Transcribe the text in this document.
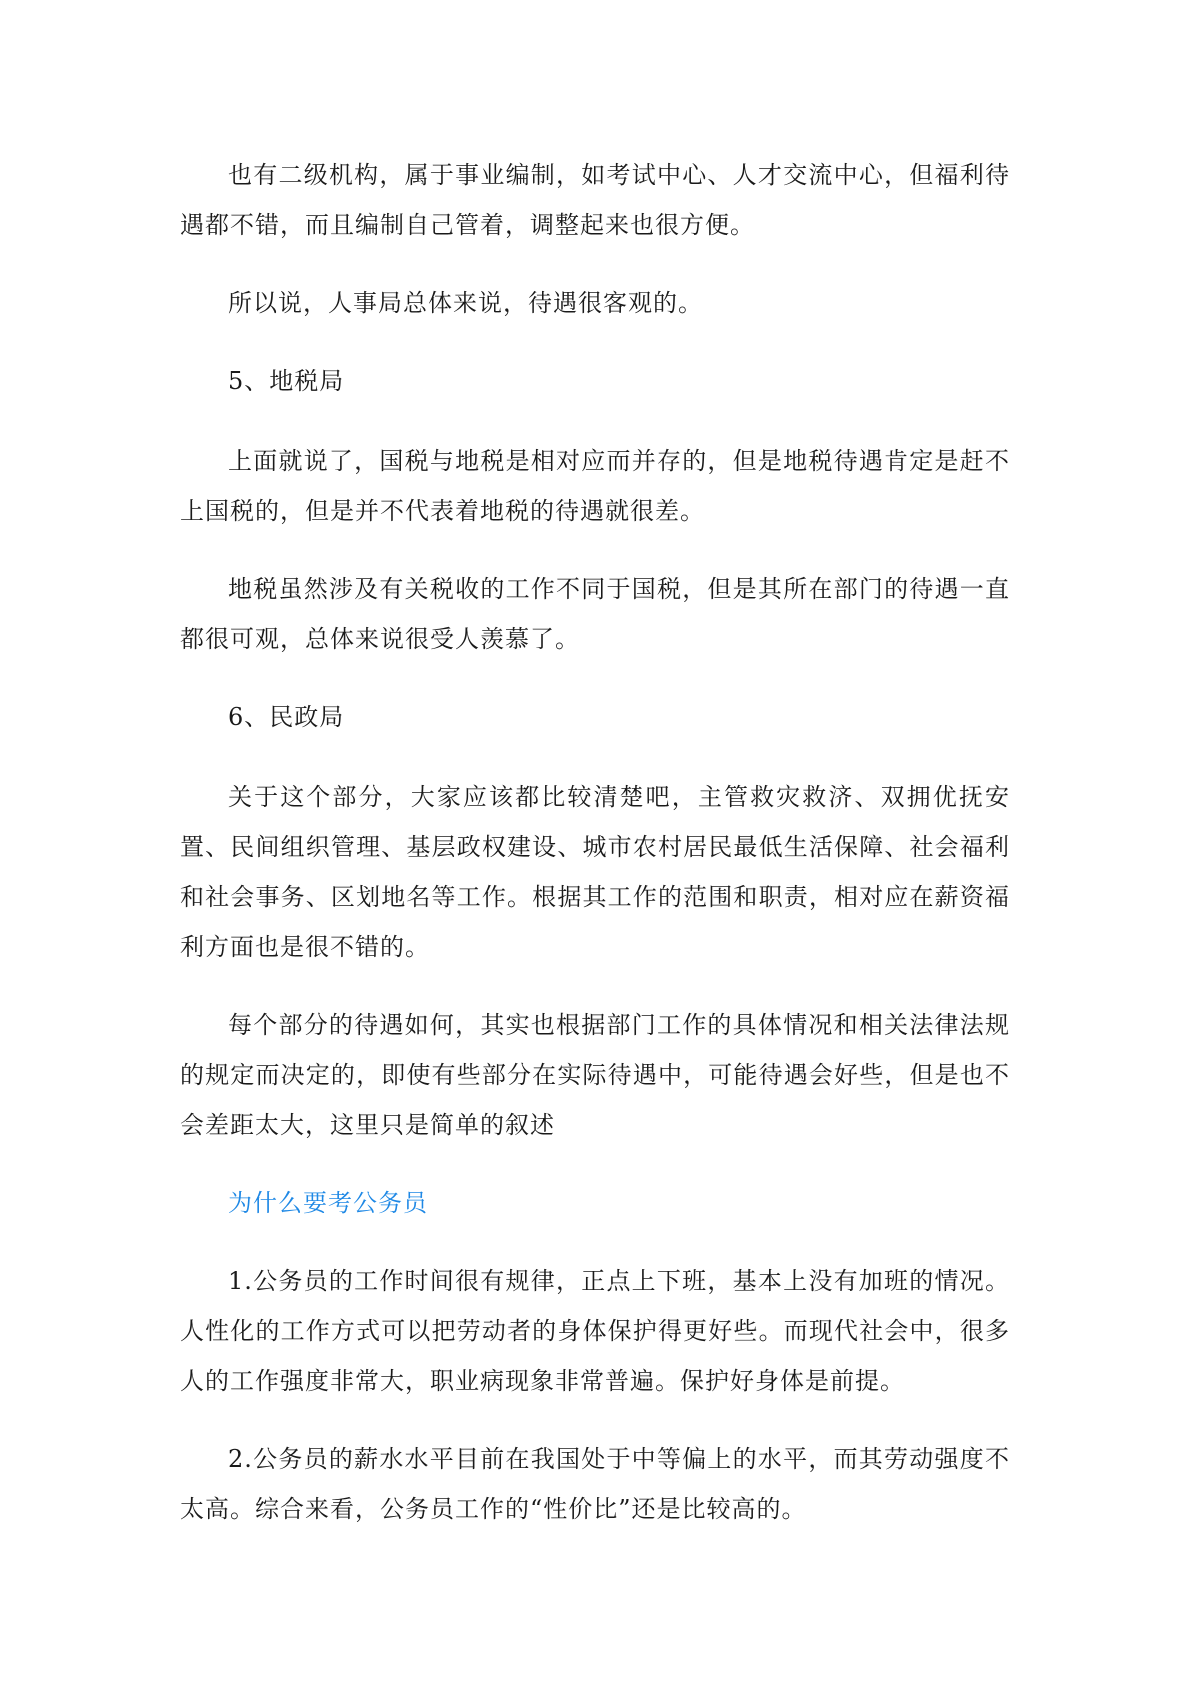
也有二级机构，属于事业编制，如考试中心、人才交流中心，但福利待遇都不错，而且编制自己管着，调整起来也很方便。

所以说，人事局总体来说，待遇很客观的。

5、地税局

上面就说了，国税与地税是相对应而并存的，但是地税待遇肯定是赶不上国税的，但是并不代表着地税的待遇就很差。

地税虽然涉及有关税收的工作不同于国税，但是其所在部门的待遇一直都很可观，总体来说很受人羡慕了。

6、民政局

关于这个部分，大家应该都比较清楚吧，主管救灾救济、双拥优抚安置、民间组织管理、基层政权建设、城市农村居民最低生活保障、社会福利和社会事务、区划地名等工作。根据其工作的范围和职责，相对应在薪资福利方面也是很不错的。

每个部分的待遇如何，其实也根据部门工作的具体情况和相关法律法规的规定而决定的，即使有些部分在实际待遇中，可能待遇会好些，但是也不会差距太大，这里只是简单的叙述

为什么要考公务员

1.公务员的工作时间很有规律，正点上下班，基本上没有加班的情况。人性化的工作方式可以把劳动者的身体保护得更好些。而现代社会中，很多人的工作强度非常大，职业病现象非常普遍。保护好身体是前提。

2.公务员的薪水水平目前在我国处于中等偏上的水平，而其劳动强度不太高。综合来看，公务员工作的“性价比”还是比较高的。
